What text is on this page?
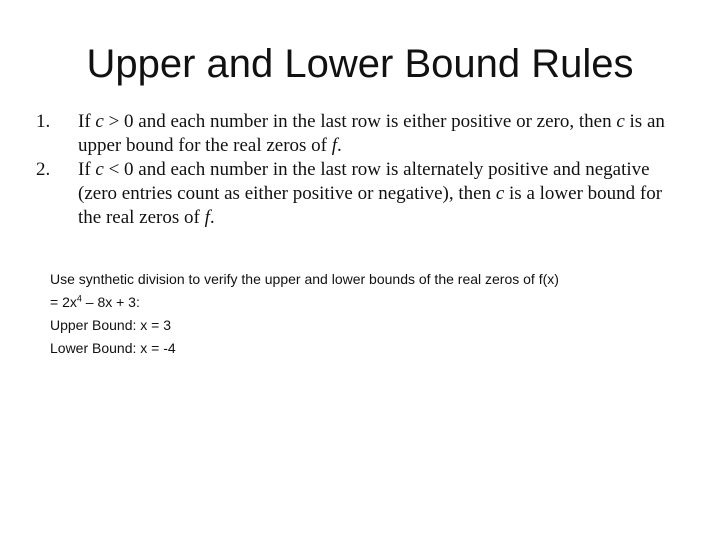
Upper and Lower Bound Rules
1.	If c > 0 and each number in the last row is either positive or zero, then c is an upper bound for the real zeros of f.
2.	If c < 0 and each number in the last row is alternately positive and negative (zero entries count as either positive or negative), then c is a lower bound for the real zeros of f.

Use synthetic division to verify the upper and lower bounds of the real zeros of f(x)

= $2x^4 - 8x + 3$:

Upper Bound: x = 3

Lower Bound: x = -4
